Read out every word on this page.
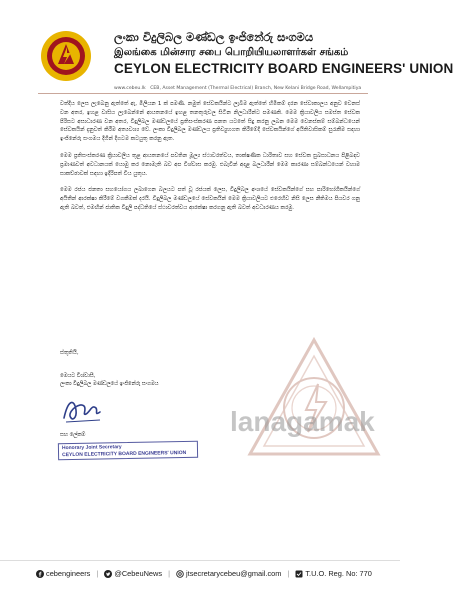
ලංකා විදුලිබල මණ්ඩල ඉංජිනේරු සංගමය
இலங்கை மின்சார சபை பொறியியலாளர்கள் சங்கம்
CEYLON ELECTRICITY BOARD ENGINEERS' UNION
www.cebeu.lk CEB, Asset Management (Thermal Electrical) Branch, New Kelani Bridge Road, Wellampitiya
lanagamak

වත්දිය ලෙස ලැබෙනු ඇත්තේ ඇ, මිලියන 1 ක් පමණි. නමුත් සේවකයින්ට ලැබීම ඇත්තේ හිමිකම් දරන සේවාකාලය අනුව වෙනස් වන අතර, ඉහළ වාසිය ලැබෙන්නේ ආයතනයේ ඉහළ තනතුරුවල සිටින නිලධාරීන්ට පමණකි. මෙම ක්‍රියාවලිය සමස්ත සේවක පිරිසට අසාධාරණ වන අතර, විදුලිබල මණ්ඩලයේ ප්‍රතිසංස්කරණ පනත යටතේ සිදු කරනු ලබන මෙම වෙනස්කම් සම්බන්ධයෙන් සේවකයින් දැනුවත් කිරීම අත්‍යවශ්‍ය වේ. ලංකා විදුලිබල මණ්ඩලය ප්‍රතිව්‍යුහගත කිරීමේදී සේවකයින්ගේ අයිතිවාසිකම් සුරැකීම සඳහා ඉංජිනේරු සංගමය දිගින් දිගටම කටයුතු කරනු ඇත.

මෙම ප්‍රතිසංස්කරණ ක්‍රියාවලිය තුළ ආයතනයේ පවතින මූල්‍ය ස්ථාවරත්වය, තාක්ෂණික ධාරිතාව සහ සේවක සුබසාධනය පිළිබඳව ප්‍රමාණවත් අවධානයක් යොමු කර නොමැති බව අප විශ්වාස කරමු. එබැවින් අදාළ බලධාරීන් මෙම කාරණා සම්බන්ධයෙන් වහාම සාකච්ඡාවක් සඳහා ඉදිරිපත් විය යුතුය.

මෙම රජය ජනතා සහයෝගය ලබාගෙන බලයට පත් වූ රජයක් ලෙස, විදුලිබල අංශයේ සේවකයින්ගේ සහ පාරිභෝගිකයින්ගේ අයිතීන් ආරක්ෂා කිරීමේ වගකීමක් දරයි. විදුලිබල මණ්ඩලයේ සේවකයින් මෙම ක්‍රියාවලියට එරෙහිව නිසි ලෙස නීතිමය පියවර ගනු ඇති බවත්, එමඟින් ජාතික විදුලි පද්ධතියේ ස්ථාවරත්වය ආරක්ෂා කරගනු ඇති බවත් අවධාරණය කරමු.

ස්තූතියි,
මෙයට විශ්වාසී,
ලංකා විදුලිබල මණ්ඩලයේ ඉංජිනේරු සංගමය
සහ ලේකම්
Honorary Joint Secretary
CEYLON ELECTRICITY BOARD ENGINEERS' UNION
cebengineers | @CebeuNews | jtsecretarycebeu@gmail.com | T.U.O. Reg. No: 770
